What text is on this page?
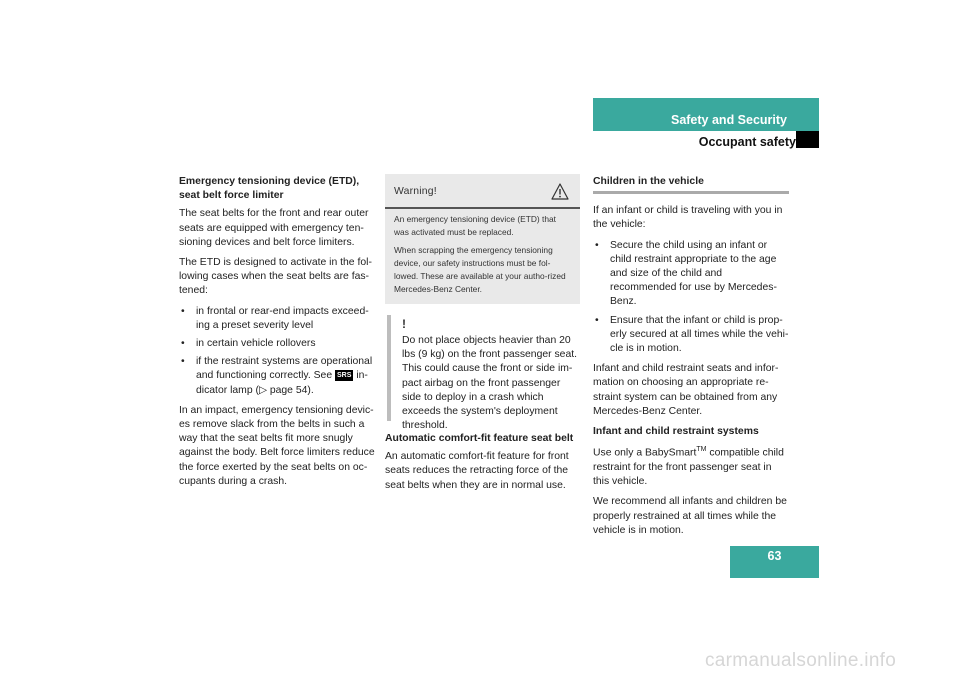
Safety and Security
Occupant safety

Emergency tensioning device (ETD), seat belt force limiter

The seat belts for the front and rear outer seats are equipped with emergency ten-sioning devices and belt force limiters.

The ETD is designed to activate in the fol-lowing cases when the seat belts are fas-tened:

• in frontal or rear-end impacts exceed-ing a preset severity level
• in certain vehicle rollovers
• if the restraint systems are operational and functioning correctly. See SRS in-dicator lamp (▷ page 54).

In an impact, emergency tensioning devic-es remove slack from the belts in such a way that the seat belts fit more snugly against the body. Belt force limiters reduce the force exerted by the seat belts on oc-cupants during a crash.

Warning!

An emergency tensioning device (ETD) that was activated must be replaced.

When scrapping the emergency tensioning device, our safety instructions must be fol-lowed. These are available at your autho-rized Mercedes-Benz Center.

!
Do not place objects heavier than 20 lbs (9 kg) on the front passenger seat. This could cause the front or side im-pact airbag on the front passenger side to deploy in a crash which exceeds the system's deployment threshold.

Automatic comfort-fit feature seat belt

An automatic comfort-fit feature for front seats reduces the retracting force of the seat belts when they are in normal use.

Children in the vehicle

If an infant or child is traveling with you in the vehicle:

• Secure the child using an infant or child restraint appropriate to the age and size of the child and recommended for use by Mercedes-Benz.
• Ensure that the infant or child is prop-erly secured at all times while the vehi-cle is in motion.

Infant and child restraint seats and infor-mation on choosing an appropriate re-straint system can be obtained from any Mercedes-Benz Center.

Infant and child restraint systems

Use only a BabySmart™ compatible child restraint for the front passenger seat in this vehicle.

We recommend all infants and children be properly restrained at all times while the vehicle is in motion.

63
carmanualsonline.info
